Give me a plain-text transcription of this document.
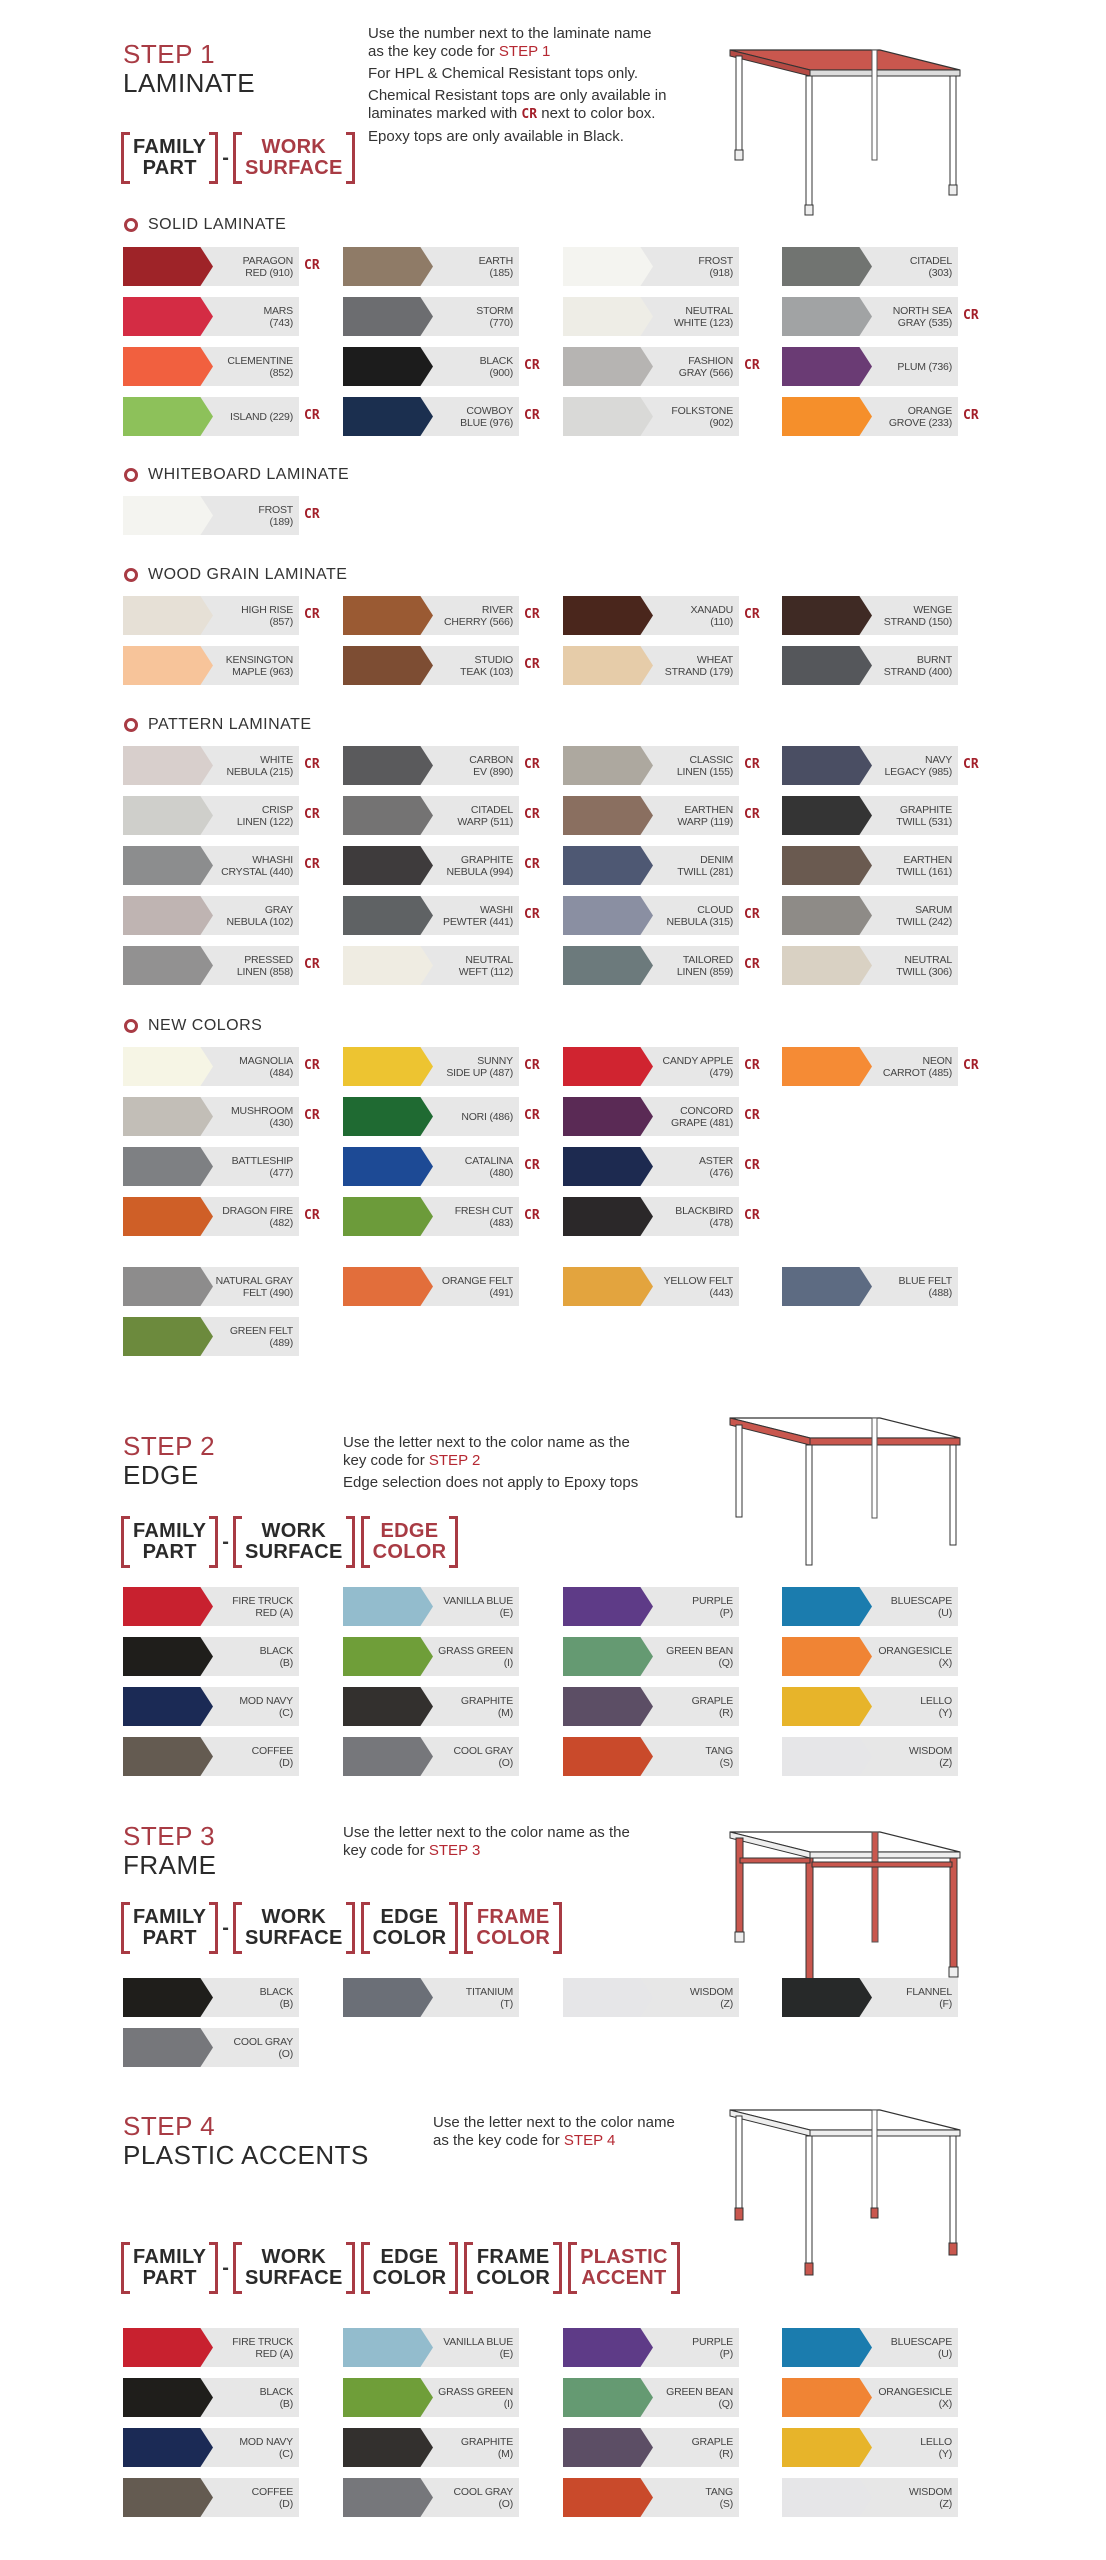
STEP 1
LAMINATE

Use the number next to the laminate name
as the key code for STEP 1

For HPL & Chemical Resistant tops only.

Chemical Resistant tops are only available in
laminates marked with CR next to color box.

Epoxy tops are only available in Black.

FAMILY
PART	-	WORK
SURFACE
SOLID LAMINATE
PARAGON
RED (910) CR	EARTH
(185)
FROST
(918)
CITADEL
(303)
MARS
(743)
STORM
(770)
NEUTRAL
WHITE (123)
NORTH SEA
GRAY (535) CR
CLEMENTINE
(852)
BLACK
(900) CR	FASHION
GRAY (566) CR	PLUM (736)
ISLAND (229) CR	COWBOY
BLUE (976) CR	FOLKSTONE
(902)
ORANGE
GROVE (233) CR
WHITEBOARD LAMINATE
FROST
(189) CR
WOOD GRAIN LAMINATE
HIGH RISE
(857) CR	RIVER
CHERRY (566) CR	XANADU
(110) CR	WENGE
STRAND (150)
KENSINGTON
MAPLE (963)
STUDIO
TEAK (103) CR	WHEAT
STRAND (179)
BURNT
STRAND (400)
PATTERN LAMINATE
WHITE
NEBULA (215) CR	CARBON
EV (890) CR	CLASSIC
LINEN (155) CR	NAVY
LEGACY (985) CR
CRISP
LINEN (122) CR	CITADEL
WARP (511) CR	EARTHEN
WARP (119) CR	GRAPHITE
TWILL (531)
WHASHI
CRYSTAL (440) CR	GRAPHITE
NEBULA (994) CR	DENIM
TWILL (281)
EARTHEN
TWILL (161)
GRAY
NEBULA (102)
WASHI
PEWTER (441) CR	CLOUD
NEBULA (315) CR	SARUM
TWILL (242)
PRESSED
LINEN (858) CR	NEUTRAL
WEFT (112)
TAILORED
LINEN (859) CR	NEUTRAL
TWILL (306)
NEW COLORS
MAGNOLIA
(484) CR	SUNNY
SIDE UP (487) CR	CANDY APPLE
(479) CR	NEON
CARROT (485) CR
MUSHROOM
(430) CR	NORI (486) CR	CONCORD
GRAPE (481) CR
BATTLESHIP
(477)
CATALINA
(480) CR	ASTER
(476) CR
DRAGON FIRE
(482) CR	FRESH CUT
(483) CR	BLACKBIRD
(478) CR
NATURAL GRAY
FELT (490)
ORANGE FELT
(491)
YELLOW FELT
(443)
BLUE FELT
(488)
GREEN FELT
(489)
STEP 2
EDGE

Use the letter next to the color name as the
key code for STEP 2

Edge selection does not apply to Epoxy tops

FAMILY
PART	-	WORK
SURFACE
EDGE
COLOR
FIRE TRUCK
RED (A)
VANILLA BLUE
(E)
PURPLE
(P)
BLUESCAPE
(U)
BLACK
(B)
GRASS GREEN
(I)
GREEN BEAN
(Q)
ORANGESICLE
(X)
MOD NAVY
(C)
GRAPHITE
(M)
GRAPLE
(R)
LELLO
(Y)
COFFEE
(D)
COOL GRAY
(O)
TANG
(S)
WISDOM
(Z)
STEP 3
FRAME

Use the letter next to the color name as the
key code for STEP 3

FAMILY
PART	-	WORK
SURFACE
EDGE
COLOR
FRAME
COLOR
BLACK
(B)
TITANIUM
(T)
WISDOM
(Z)
FLANNEL
(F)
COOL GRAY
(O)
STEP 4
PLASTIC ACCENTS

Use the letter next to the color name
as the key code for STEP 4

FAMILY
PART	-	WORK
SURFACE
EDGE
COLOR
FRAME
COLOR
PLASTIC
ACCENT
FIRE TRUCK
RED (A)
VANILLA BLUE
(E)
PURPLE
(P)
BLUESCAPE
(U)
BLACK
(B)
GRASS GREEN
(I)
GREEN BEAN
(Q)
ORANGESICLE
(X)
MOD NAVY
(C)
GRAPHITE
(M)
GRAPLE
(R)
LELLO
(Y)
COFFEE
(D)
COOL GRAY
(O)
TANG
(S)
WISDOM
(Z)
